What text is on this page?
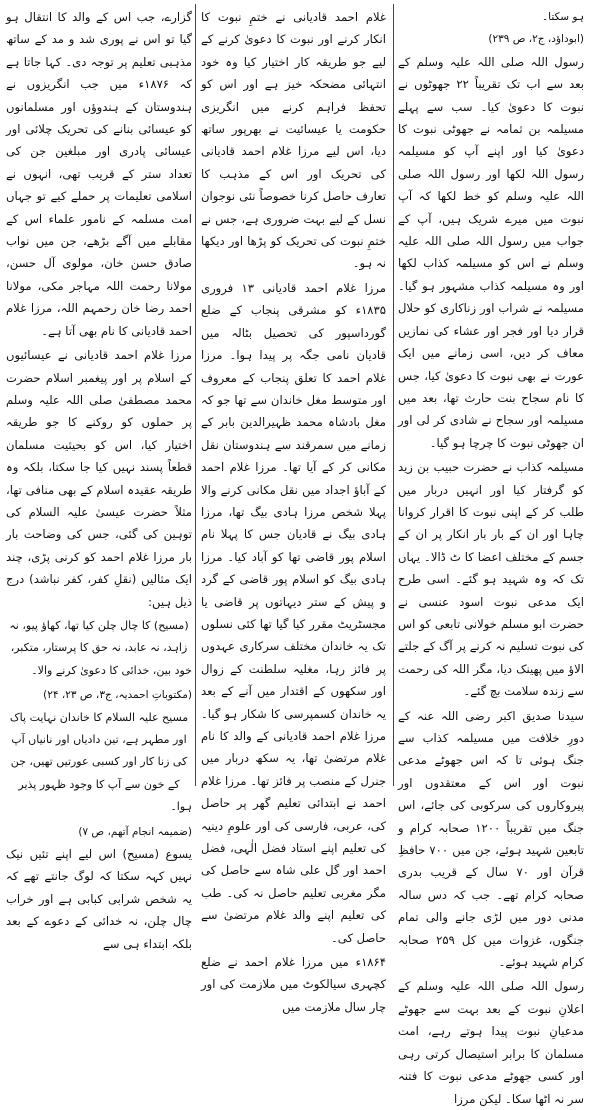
ہو سکتا۔
(ابوداؤد، ج۲، ص ۲۳۹)

رسول اللہ صلی اللہ علیہ وسلم کے بعد سے اب تک تقریباً ۲۲ جھوٹوں نے نبوت کا دعویٰ کیا۔ سب سے پہلے مسیلمہ بن ثمامہ نے جھوٹی نبوت کا دعویٰ کیا اور اپنے آپ کو مسیلمہ رسول اللہ لکھا اور رسول اللہ صلی اللہ علیہ وسلم کو خط لکھا کہ آپ نبوت میں میرے شریک ہیں، آپ کے جواب میں رسول اللہ صلی اللہ علیہ وسلم نے اس کو مسیلمہ کذاب لکھا اور وہ مسیلمہ کذاب مشہور ہو گیا۔ مسیلمہ نے شراب اور زناکاری کو حلال قرار دیا اور فجر اور عشاء کی نمازیں معاف کر دیں، اسی زمانے میں ایک عورت نے بھی نبوت کا دعویٰ کیا، جس کا نام سجاح بنت حارث تھا، بعد میں مسیلمہ اور سجاح نے شادی کر لی اور ان جھوٹی نبوت کا چرچا ہو گیا۔

مسیلمہ کذاب نے حضرت حبیب بن زید کو گرفتار کیا اور انہیں دربار میں طلب کر کے اپنی نبوت کا اقرار کروانا چاہا اور ان کے بار بار انکار پر ان کے جسم کے مختلف اعضا کا ٹ ڈالا۔ یہاں تک کہ وہ شہید ہو گئے۔ اسی طرح ایک مدعی نبوت اسود عنسی نے حضرت ابو مسلم خولانی تابعی کو اس کی نبوت تسلیم نہ کرنے پر آگ کے جلتے الاؤ میں پھینک دیا، مگر اللہ کی رحمت سے زندہ سلامت بچ گئے۔

سیدنا صدیق اکبر رضی اللہ عنہ کے دورِ خلافت میں مسیلمہ کذاب سے جنگ ہوئی تا کہ اس جھوٹے مدعی نبوت اور اس کے معتقدوں اور پیروکاروں کی سرکوبی کی جائے، اس جنگ میں تقریباً ۱۲۰۰ صحابہ کرام و تابعین شہید ہوئے، جن میں ۷۰۰ حافظِ قرآن اور ۷۰ سال کے قریب بدری صحابہ کرام تھے۔ جب کہ دس سالہ مدنی دور میں لڑی جانے والی تمام جنگوں، غزوات میں کل ۲۵۹ صحابہ کرام شہید ہوئے۔

رسول اللہ صلی اللہ علیہ وسلم کے اعلانِ نبوت کے بعد بہت سے جھوٹے مدعیانِ نبوت پیدا ہوتے رہے، امت مسلمان کا برابر استیصال کرتی رہی اور کسی جھوٹے مدعی نبوت کا فتنہ سر نہ اٹھا سکا۔ لیکن مرزا

غلام احمد قادیانی نے ختمِ نبوت کا انکار کرنے اور نبوت کا دعویٰ کرنے کے لیے جو طریقہ کار اختیار کیا وہ خود انتہائی مضحکہ خیز ہے اور اس کو تحفظ فراہم کرنے میں انگریزی حکومت یا عیسائیت نے بھرپور ساتھ دیا، اس لیے مرزا غلام احمد قادیانی کی تحریک اور اس کے مذہب کا تعارف حاصل کرنا خصوصاً نئی نوجوان نسل کے لیے بہت ضروری ہے، جس نے ختمِ نبوت کی تحریک کو پڑھا اور دیکھا نہ ہو۔

مرزا غلام احمد قادیانی ۱۳ فروری ۱۸۳۵ء کو مشرقی پنجاب کے ضلع گورداسپور کی تحصیل بٹالہ میں قادیان نامی جگہ پر پیدا ہوا۔ مرزا غلام احمد کا تعلق پنجاب کے معروف اور متوسط مغل خاندان سے تھا جو کہ مغل بادشاہ محمد ظہیرالدین بابر کے زمانے میں سمرقند سے ہندوستان نقل مکانی کر کے آیا تھا۔ مرزا غلام احمد کے آباؤ اجداد میں نقل مکانی کرنے والا پہلا شخص مرزا ہادی بیگ تھا، مرزا ہادی بیگ نے قادیان جس کا پہلا نام اسلام پور قاضی تھا کو آباد کیا۔ مرزا ہادی بیگ کو اسلام پور قاضی کے گرد و پیش کے ستر دیہاتوں پر قاضی یا مجسٹریٹ مقرر کیا گیا تھا کئی نسلوں تک یہ خاندان مختلف سرکاری عہدوں پر فائز رہا، مغلیہ سلطنت کے زوال اور سکھوں کے اقتدار میں آنے کے بعد یہ خاندان کسمپرسی کا شکار ہو گیا۔ مرزا غلام احمد قادیانی کے والد کا نام غلام مرتضیٰ تھا، یہ سکھ دربار میں جنرل کے منصب پر فائز تھا۔ مرزا غلام احمد نے ابتدائی تعلیم گھر پر حاصل کی، عربی، فارسی کی اور علومِ دینیہ کی تعلیم اپنے استاد فضل الٰہی، فضل احمد اور گل علی شاہ سے حاصل کی مگر مغربی تعلیم حاصل نہ کی۔ طب کی تعلیم اپنے والد غلام مرتضیٰ سے حاصل کی۔

۱۸۶۴ء میں مرزا غلام احمد نے ضلع کچہری سیالکوٹ میں ملازمت کی اور چار سال ملازمت میں

گزارے، جب اس کے والد کا انتقال ہو گیا تو اس نے پوری شد و مد کے ساتھ مذہبی تعلیم پر توجہ دی۔ کہا جاتا ہے کہ ۱۸۷۶ء میں جب انگریزوں نے ہندوستان کے ہندوؤں اور مسلمانوں کو عیسائی بنانے کی تحریک چلائی اور عیسائی پادری اور مبلغین جن کی تعداد ستر کے قریب تھی، انہوں نے اسلامی تعلیمات پر حملے کیے تو جہاں امت مسلمہ کے نامور علماء اس کے مقابلے میں آگے بڑھے، جن میں نواب صادق حسن خان، مولوی آل حسن، مولانا رحمت اللہ مہاجر مکی، مولانا احمد رضا خان رحمہم اللہ، مرزا غلام احمد قادیانی کا نام بھی آتا ہے۔

مرزا غلام احمد قادیانی نے عیسائیوں کے اسلام پر اور پیغمبر اسلام حضرت محمد مصطفیٰ صلی اللہ علیہ وسلم پر حملوں کو روکنے کا جو طریقہ اختیار کیا، اس کو بحیثیت مسلمان قطعاً پسند نہیں کیا جا سکتا، بلکہ وہ طریقہ عقیدہ اسلام کے بھی منافی تھا، مثلاً حضرت عیسیٰ علیہ السلام کی توہین کی گئی، جس کی وضاحت بار بار مرزا غلام احمد کو کرنی پڑی، چند ایک مثالیں (نقلِ کفر، کفر نباشد) درج ذیل ہیں:

(مسیح) کا چال چلن کیا تھا، کھاؤ پیو، نہ زاہد، نہ عابد، نہ حق کا پرستار، متکبر، خود بین، خدائی کا دعویٰ کرنے والا۔

(مکتوباتِ احمدیہ، ج۳، ص ۲۳، ۲۴)

مسیح علیہ السلام کا خاندان نہایت پاک اور مطہر ہے، تین دادیاں اور نانیاں آپ کی زنا کار اور کسبی عورتیں تھیں، جن کے خون سے آپ کا وجود ظہور پذیر ہوا۔

(ضمیمہ انجام آتھم، ص ۷)

یسوع (مسیح) اس لیے اپنے تئیں نیک نہیں کہہ سکتا کہ لوگ جانتے تھے کہ یہ شخص شرابی کبابی ہے اور خراب چال چلن، نہ خدائی کے دعوے کے بعد بلکہ ابتداء ہی سے
